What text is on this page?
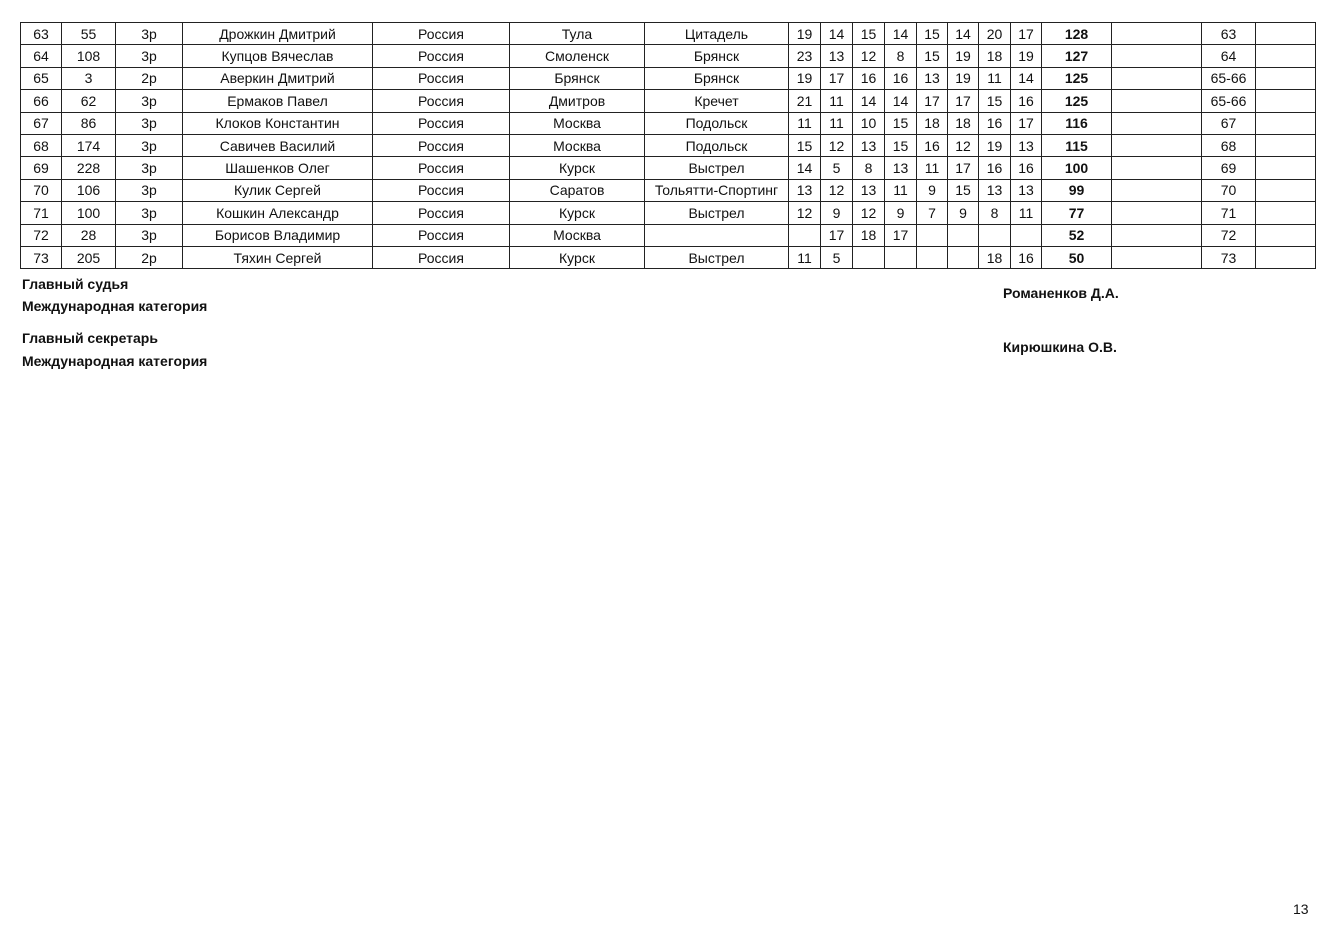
63	55	3р	Дрожкин Дмитрий	Россия	Тула	Цитадель	19	14	15	14	15	14	20	17	128		63	
64	108	3р	Купцов Вячеслав	Россия	Смоленск	Брянск	23	13	12	8	15	19	18	19	127		64	
65	3	2р	Аверкин Дмитрий	Россия	Брянск	Брянск	19	17	16	16	13	19	11	14	125		65-66	
66	62	3р	Ермаков Павел	Россия	Дмитров	Кречет	21	11	14	14	17	17	15	16	125		65-66	
67	86	3р	Клоков Константин	Россия	Москва	Подольск	11	11	10	15	18	18	16	17	116		67	
68	174	3р	Савичев Василий	Россия	Москва	Подольск	15	12	13	15	16	12	19	13	115		68	
69	228	3р	Шашенков Олег	Россия	Курск	Выстрел	14	5	8	13	11	17	16	16	100		69	
70	106	3р	Кулик Сергей	Россия	Саратов	Тольятти-Спортинг	13	12	13	11	9	15	13	13	99		70	
71	100	3р	Кошкин Александр	Россия	Курск	Выстрел	12	9	12	9	7	9	8	11	77		71	
72	28	3р	Борисов Владимир	Россия	Москва			17	18	17					52		72	
73	205	2р	Тяхин Сергей	Россия	Курск	Выстрел	11	5					18	16	50		73	
Главный судья
Международная категория
Романенков Д.А.
Главный секретарь
Международная категория
Кирюшкина О.В.
13
